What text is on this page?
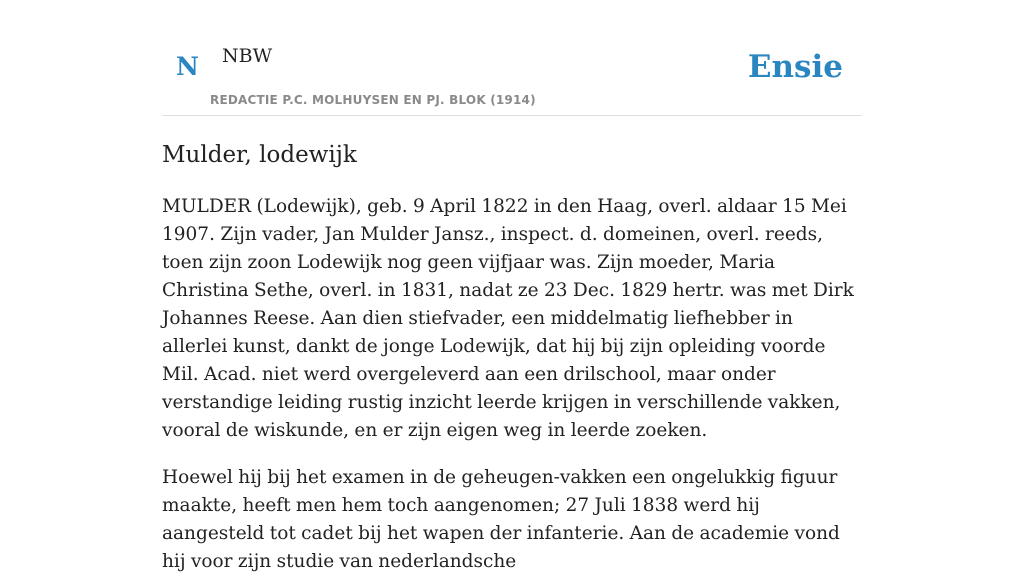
N NBW
REDACTIE P.C. MOLHUYSEN EN PJ. BLOK (1914)
Ensie
Mulder, lodewijk

MULDER (Lodewijk), geb. 9 April 1822 in den Haag, overl. aldaar 15 Mei 1907. Zijn vader, Jan Mulder Jansz., inspect. d. domeinen, overl. reeds, toen zijn zoon Lodewijk nog geen vijfjaar was. Zijn moeder, Maria Christina Sethe, overl. in 1831, nadat ze 23 Dec. 1829 hertr. was met Dirk Johannes Reese. Aan dien stiefvader, een middelmatig liefhebber in allerlei kunst, dankt de jonge Lodewijk, dat hij bij zijn opleiding voorde Mil. Acad. niet werd overgeleverd aan een drilschool, maar onder verstandige leiding rustig inzicht leerde krijgen in verschillende vakken, vooral de wiskunde, en er zijn eigen weg in leerde zoeken.

Hoewel hij bij het examen in de geheugen-vakken een ongelukkig figuur maakte, heeft men hem toch aangenomen; 27 Juli 1838 werd hij aangesteld tot cadet bij het wapen der infanterie. Aan de academie vond hij voor zijn studie van nederlandsche
